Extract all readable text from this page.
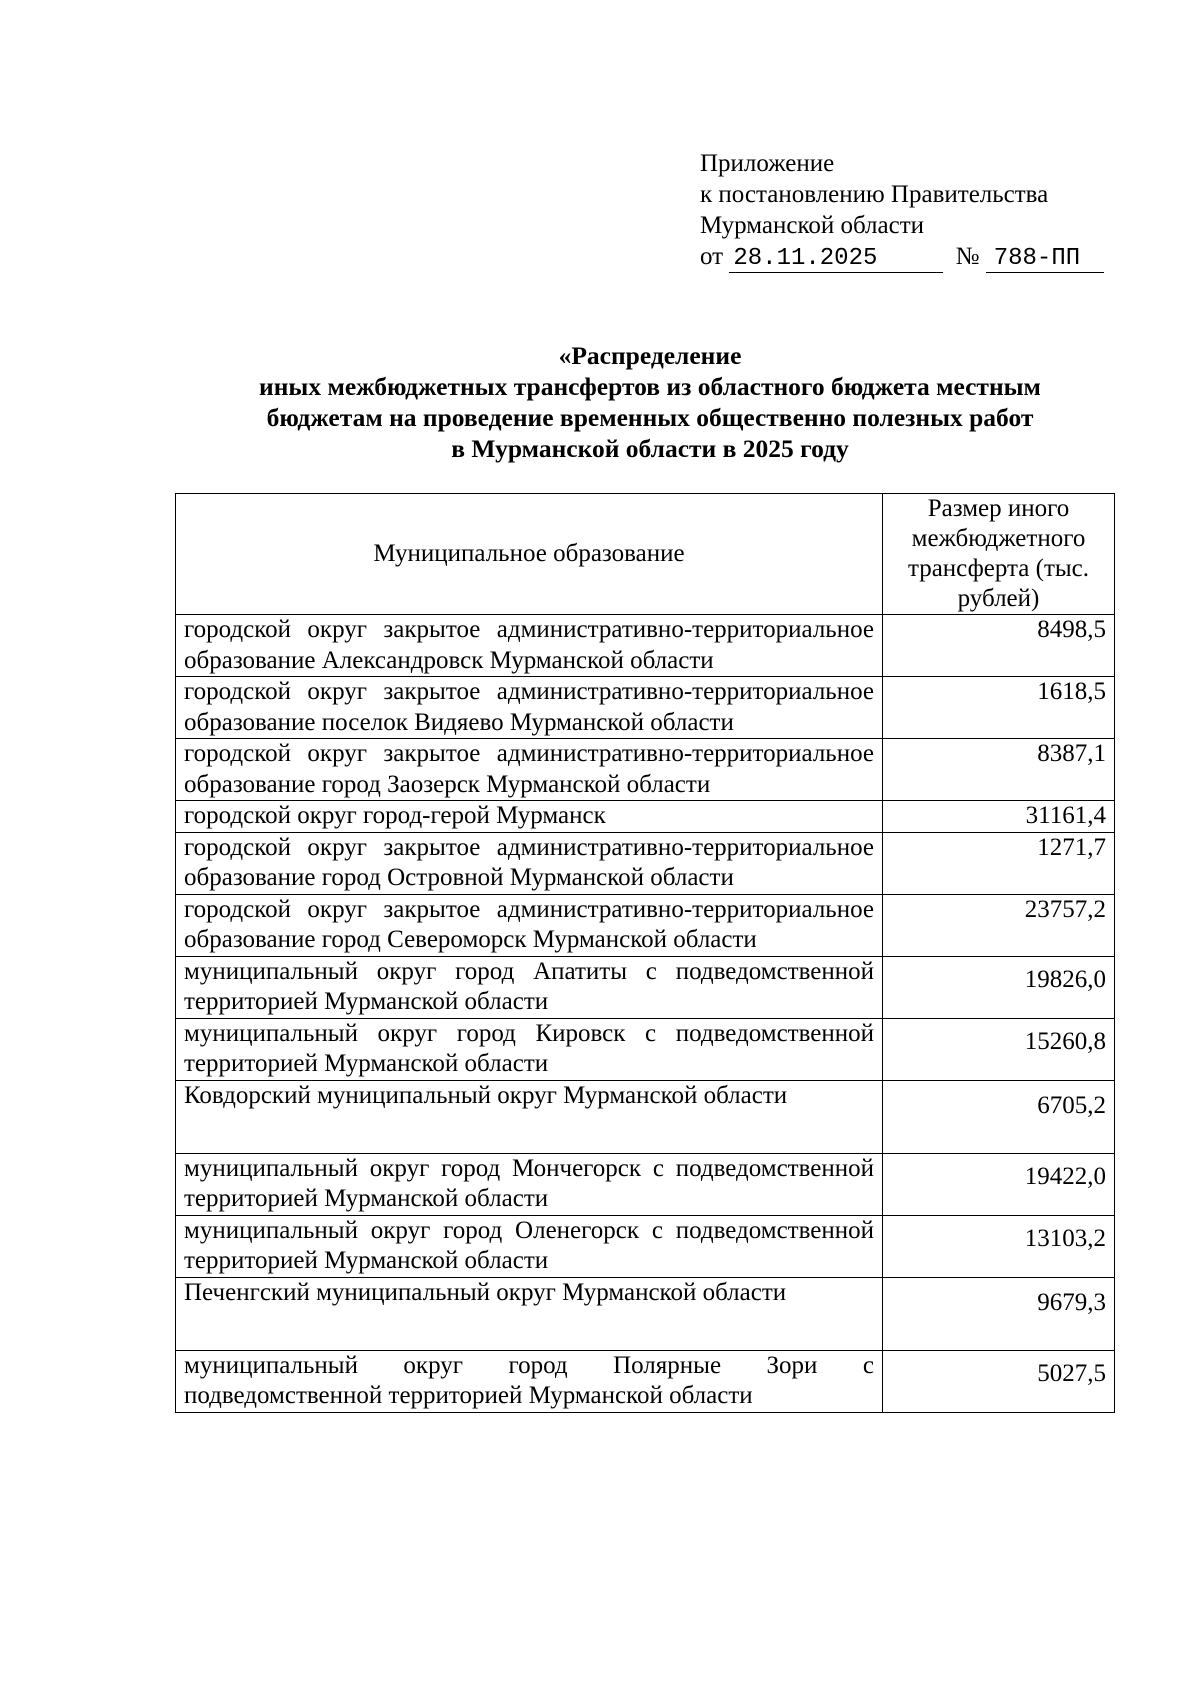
Приложение
к постановлению Правительства
Мурманской области
от 28.11.2025	№ 788-ПП
«Распределение
иных межбюджетных трансфертов из областного бюджета местным
бюджетам на проведение временных общественно полезных работ
в Мурманской области в 2025 году
Муниципальное образование	Размер иного межбюджетного трансферта (тыс. рублей)
городской округ закрытое административно-территориальное образование Александровск Мурманской области	8498,5
городской округ закрытое административно-территориальное образование поселок Видяево Мурманской области	1618,5
городской округ закрытое административно-территориальное образование город Заозерск Мурманской области	8387,1
городской округ город-герой Мурманск	31161,4
городской округ закрытое административно-территориальное образование город Островной Мурманской области	1271,7
городской округ закрытое административно-территориальное образование город Североморск Мурманской области	23757,2
муниципальный округ город Апатиты с подведомственной территорией Мурманской области	19826,0
муниципальный округ город Кировск с подведомственной территорией Мурманской области	15260,8
Ковдорский муниципальный округ Мурманской области	6705,2
муниципальный округ город Мончегорск с подведомственной территорией Мурманской области	19422,0
муниципальный округ город Оленегорск с подведомственной территорией Мурманской области	13103,2
Печенгский муниципальный округ Мурманской области	9679,3
муниципальный округ город Полярные Зори с подведомственной территорией Мурманской области	5027,5
